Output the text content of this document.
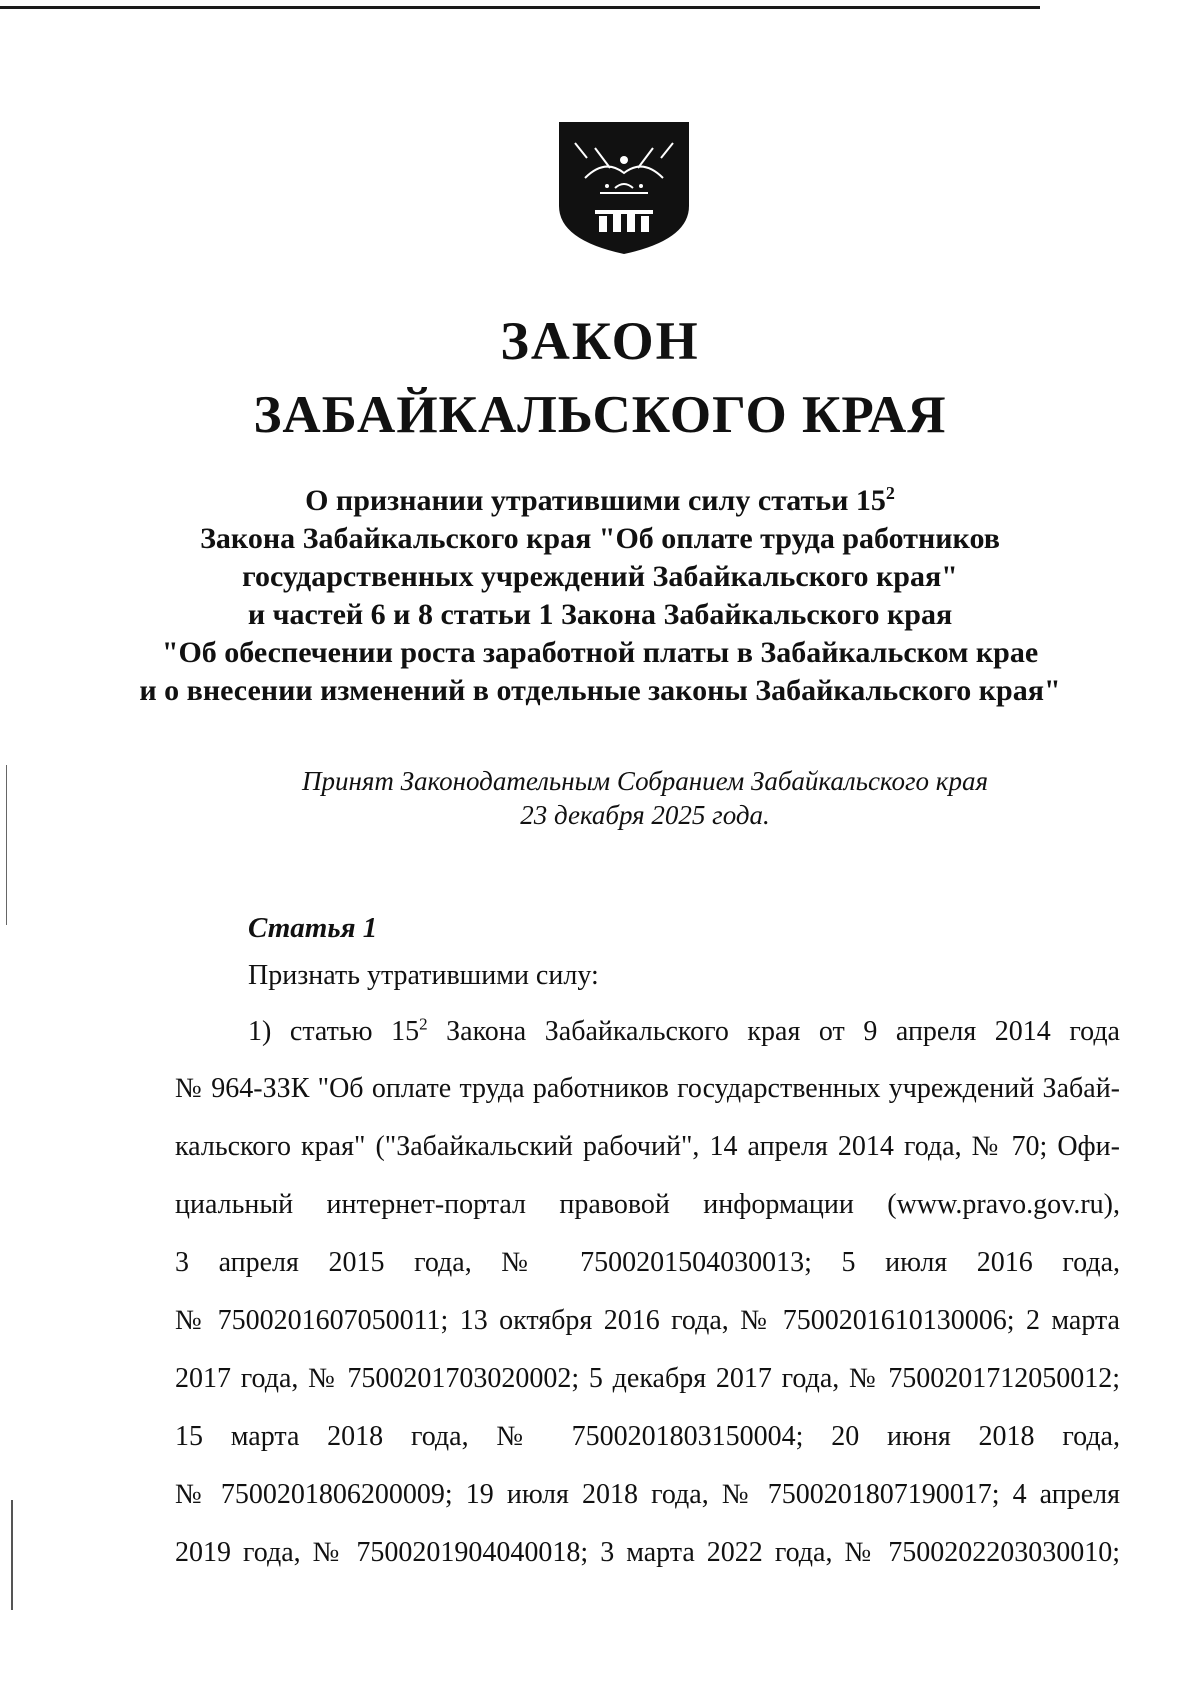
ЗАКОН
ЗАБАЙКАЛЬСКОГО КРАЯ
О признании утратившими силу статьи $15^2$
Закона Забайкальского края "Об оплате труда работников
государственных учреждений Забайкальского края"
и частей 6 и 8 статьи 1 Закона Забайкальского края
"Об обеспечении роста заработной платы в Забайкальском крае
и о внесении изменений в отдельные законы Забайкальского края"
Принят Законодательным Собранием Забайкальского края
23 декабря 2025 года.
Статья 1
Признать утратившими силу:
1) статью $15^2$ Закона Забайкальского края от 9 апреля 2014 года
№ 964-ЗЗК "Об оплате труда работников государственных учреждений Забай-
кальского края" ("Забайкальский рабочий", 14 апреля 2014 года, № 70; Офи-
циальный интернет-портал правовой информации (www.pravo.gov.ru),
3 апреля 2015 года, № 7500201504030013; 5 июля 2016 года,
№ 7500201607050011; 13 октября 2016 года, № 7500201610130006; 2 марта
2017 года, № 7500201703020002; 5 декабря 2017 года, № 7500201712050012;
15 марта 2018 года, № 7500201803150004; 20 июня 2018 года,
№ 7500201806200009; 19 июля 2018 года, № 7500201807190017; 4 апреля
2019 года, № 7500201904040018; 3 марта 2022 года, № 7500202203030010;
